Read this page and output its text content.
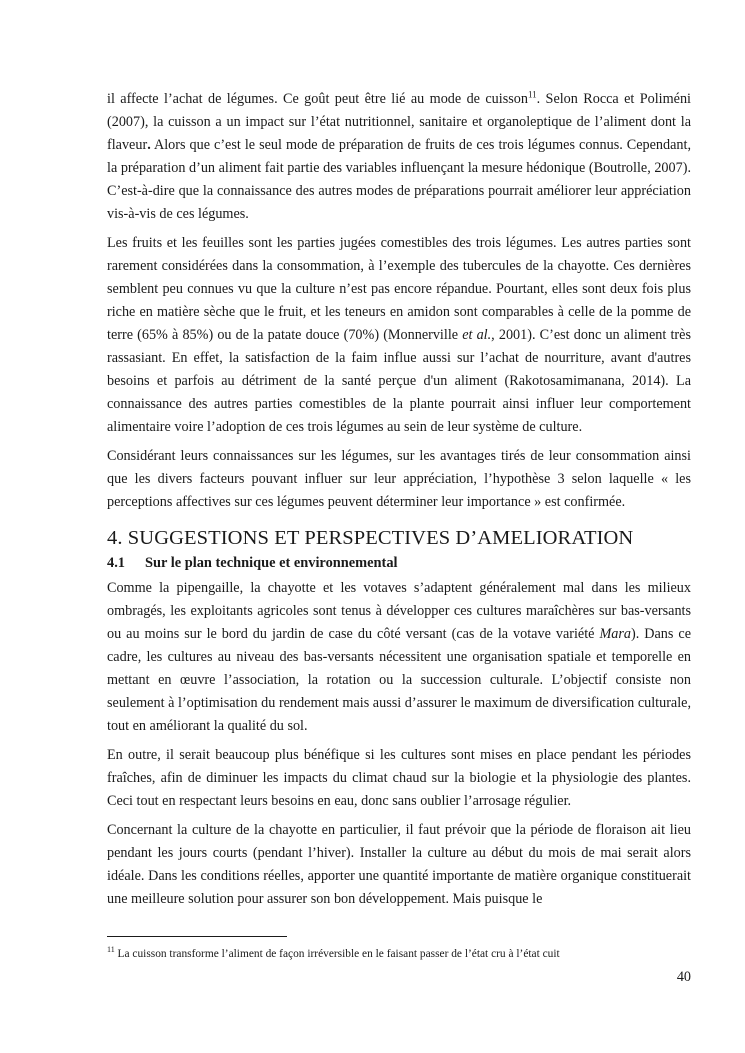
il affecte l’achat de légumes. Ce goût peut être lié au mode de cuisson$^{11}$. Selon Rocca et Poliméni (2007), la cuisson a un impact sur l’état nutritionnel, sanitaire et organoleptique de l’aliment dont la flaveur. Alors que c’est le seul mode de préparation de fruits de ces trois légumes connus. Cependant, la préparation d’un aliment fait partie des variables influençant la mesure hédonique (Boutrolle, 2007). C’est-à-dire que la connaissance des autres modes de préparations pourrait améliorer leur appréciation vis-à-vis de ces légumes.

Les fruits et les feuilles sont les parties jugées comestibles des trois légumes. Les autres parties sont rarement considérées dans la consommation, à l’exemple des tubercules de la chayotte. Ces dernières semblent peu connues vu que la culture n’est pas encore répandue. Pourtant, elles sont deux fois plus riche en matière sèche que le fruit, et les teneurs en amidon sont comparables à celle de la pomme de terre (65% à 85%) ou de la patate douce (70%) (Monnerville et al., 2001). C’est donc un aliment très rassasiant. En effet, la satisfaction de la faim influe aussi sur l’achat de nourriture, avant d'autres besoins et parfois au détriment de la santé perçue d'un aliment (Rakotosamimanana, 2014). La connaissance des autres parties comestibles de la plante pourrait ainsi influer leur comportement alimentaire voire l’adoption de ces trois légumes au sein de leur système de culture.

Considérant leurs connaissances sur les légumes, sur les avantages tirés de leur consommation ainsi que les divers facteurs pouvant influer sur leur appréciation, l’hypothèse 3 selon laquelle « les perceptions affectives sur ces légumes peuvent déterminer leur importance » est confirmée.

4. SUGGESTIONS ET PERSPECTIVES D’AMELIORATION
4.1 Sur le plan technique et environnemental

Comme la pipengaille, la chayotte et les votaves s’adaptent généralement mal dans les milieux ombragés, les exploitants agricoles sont tenus à développer ces cultures maraîchères sur bas-versants ou au moins sur le bord du jardin de case du côté versant (cas de la votave variété Mara). Dans ce cadre, les cultures au niveau des bas-versants nécessitent une organisation spatiale et temporelle en mettant en œuvre l’association, la rotation ou la succession culturale. L’objectif consiste non seulement à l’optimisation du rendement mais aussi d’assurer le maximum de diversification culturale, tout en améliorant la qualité du sol.

En outre, il serait beaucoup plus bénéfique si les cultures sont mises en place pendant les périodes fraîches, afin de diminuer les impacts du climat chaud sur la biologie et la physiologie des plantes. Ceci tout en respectant leurs besoins en eau, donc sans oublier l’arrosage régulier.

Concernant la culture de la chayotte en particulier, il faut prévoir que la période de floraison ait lieu pendant les jours courts (pendant l’hiver). Installer la culture au début du mois de mai serait alors idéale. Dans les conditions réelles, apporter une quantité importante de matière organique constituerait une meilleure solution pour assurer son bon développement. Mais puisque le

$^{11}$ La cuisson transforme l’aliment de façon irréversible en le faisant passer de l’état cru à l’état cuit
40
